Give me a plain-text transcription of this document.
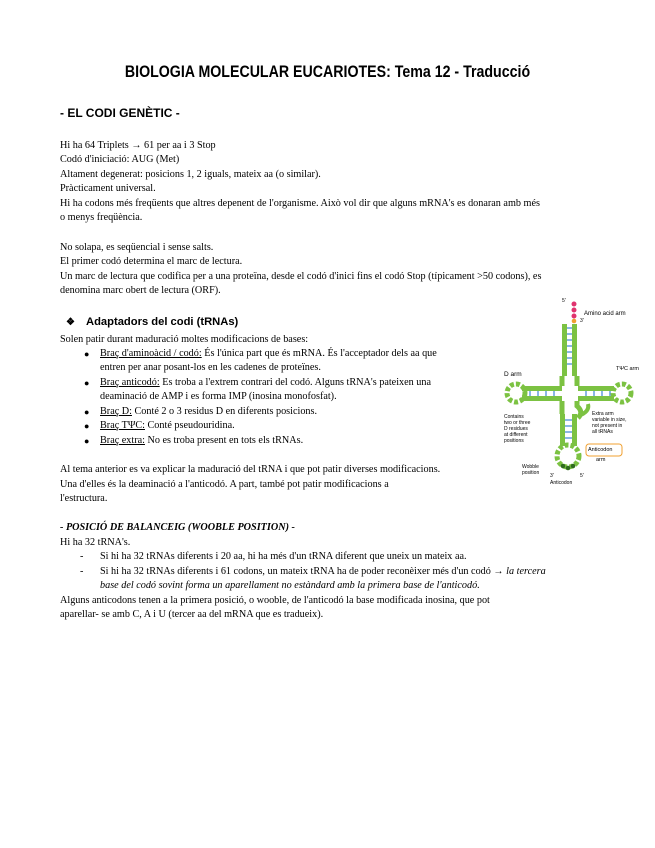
BIOLOGIA MOLECULAR EUCARIOTES: Tema 12 - Traducció
- EL CODI GENÈTIC -
Hi ha 64 Triplets → 61 per aa i 3 Stop
Codó d'iniciació: AUG (Met)
Altament degenerat: posicions 1, 2 iguals, mateix aa (o similar).
Pràcticament universal.
Hi ha codons més freqüents que altres depenent de l'organisme. Això vol dir que alguns mRNA's es donaran amb més
o menys freqüència.
No solapa, es seqüencial i sense salts.
El primer codó determina el marc de lectura.
Un marc de lectura que codifica per a una proteïna, desde el codó d'inici fins el codó Stop (típicament >50 codons), es
denomina marc obert de lectura (ORF).
❖ Adaptadors del codi (tRNAs)
Solen patir durant maduració moltes modificacions de bases:
● Braç d'aminoàcid / codó: És l'única part que és mRNA. És l'acceptador dels aa que
entren per anar posant-los en les cadenes de proteïnes.
● Braç anticodó: Es troba a l'extrem contrari del codó. Alguns tRNA's pateixen una
deaminació de AMP i es forma IMP (inosina monofosfat).
● Braç D: Conté 2 o 3 residus D en diferents posicions.
● Braç TΨC: Conté pseudouridina.
● Braç extra: No es troba present en tots els tRNAs.
Al tema anterior es va explicar la maduració del tRNA i que pot patir diverses modificacions.
Una d'elles és la deaminació a l'anticodó. A part, també pot patir modificacions a
l'estructura.
- POSICIÓ DE BALANCEIG (WOOBLE POSITION) -
Hi ha 32 tRNA's.
- Si hi ha 32 tRNAs diferents i 20 aa, hi ha més d'un tRNA diferent que uneix un mateix aa.
- Si hi ha 32 tRNAs diferents i 61 codons, un mateix tRNA ha de poder reconèixer més d'un codó → la tercera
base del codó sovint forma un aparellament no estàndard amb la primera base de l'anticodó.
Alguns anticodons tenen a la primera posició, o wooble, de l'anticodó la base modificada inosina, que pot
aparellar- se amb C, A i U (tercer aa del mRNA que es tradueix).
5'
3'
Amino acid arm
D arm
TΨC arm
Contains
two or three
D residues
at different
positions
Extra arm
variable in size,
not present in
all tRNAs
Anticodon
arm
Wobble
position 3'	5'
Anticodon
